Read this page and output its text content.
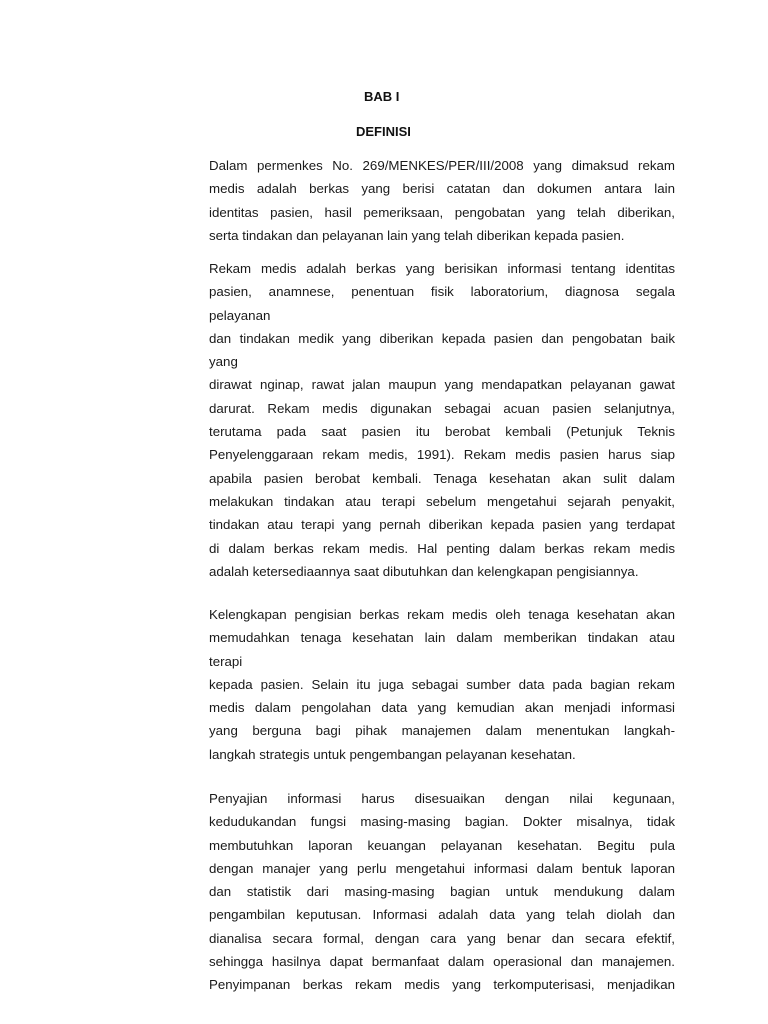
BAB I
DEFINISI
Dalam permenkes No. 269/MENKES/PER/III/2008 yang dimaksud rekam
medis adalah berkas yang berisi catatan dan dokumen antara lain
identitas pasien, hasil pemeriksaan, pengobatan yang telah diberikan,
serta tindakan dan pelayanan lain yang telah diberikan kepada pasien.
Rekam medis adalah berkas yang berisikan informasi tentang identitas
pasien, anamnese, penentuan fisik laboratorium, diagnosa segala
pelayanan
dan tindakan medik yang diberikan kepada pasien dan pengobatan baik
yang
dirawat nginap, rawat jalan maupun yang mendapatkan pelayanan gawat
darurat. Rekam medis digunakan sebagai acuan pasien selanjutnya,
terutama pada saat pasien itu berobat kembali (Petunjuk Teknis
Penyelenggaraan rekam medis, 1991). Rekam medis pasien harus siap
apabila pasien berobat kembali. Tenaga kesehatan akan sulit dalam
melakukan tindakan atau terapi sebelum mengetahui sejarah penyakit,
tindakan atau terapi yang pernah diberikan kepada pasien yang terdapat
di dalam berkas rekam medis. Hal penting dalam berkas rekam medis
adalah ketersediaannya saat dibutuhkan dan kelengkapan pengisiannya.
Kelengkapan pengisian berkas rekam medis oleh tenaga kesehatan akan
memudahkan tenaga kesehatan lain dalam memberikan tindakan atau
terapi
kepada pasien. Selain itu juga sebagai sumber data pada bagian rekam
medis dalam pengolahan data yang kemudian akan menjadi informasi
yang berguna bagi pihak manajemen dalam menentukan langkah-
langkah strategis untuk pengembangan pelayanan kesehatan.
Penyajian informasi harus disesuaikan dengan nilai kegunaan,
kedudukandan fungsi masing-masing bagian. Dokter misalnya, tidak
membutuhkan laporan keuangan pelayanan kesehatan. Begitu pula
dengan manajer yang perlu mengetahui informasi dalam bentuk laporan
dan statistik dari masing-masing bagian untuk mendukung dalam
pengambilan keputusan. Informasi adalah data yang telah diolah dan
dianalisa secara formal, dengan cara yang benar dan secara efektif,
sehingga hasilnya dapat bermanfaat dalam operasional dan manajemen.
Penyimpanan berkas rekam medis yang terkomputerisasi, menjadikan
